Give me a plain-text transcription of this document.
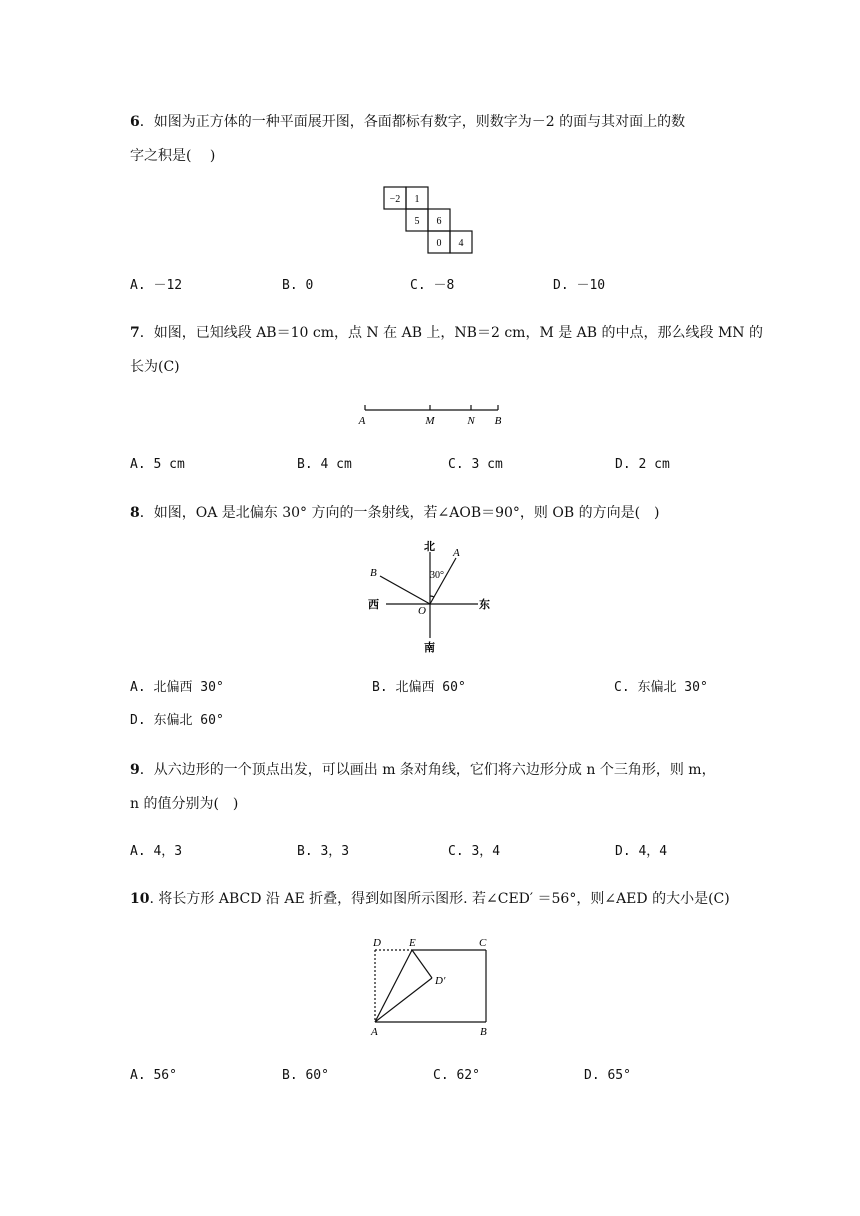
6．如图为正方体的一种平面展开图，各面都标有数字，则数字为－2 的面与其对面上的数
字之积是(　 )
−2 1
5 6
0 4
A. －12	B. 0	C. －8	D. －10
7．如图，已知线段 AB＝10 cm，点 N 在 AB 上，NB＝2 cm，M 是 AB 的中点，那么线段 MN 的
长为(C)
A	M	N B
A. 5 cm	B. 4 cm	C. 3 cm	D. 2 cm
8．如图，OA 是北偏东 30° 方向的一条射线，若∠AOB＝90°，则 OB 的方向是(　)
北
南
西	东
A
B
O
30°
A. 北偏西 30°	B. 北偏西 60°	C. 东偏北 30°
D. 东偏北 60°
9．从六边形的一个顶点出发，可以画出 m 条对角线，它们将六边形分成 n 个三角形，则 m，
n 的值分别为(　)
A. 4，3	B. 3，3	C. 3，4	D. 4，4
10. 将长方形 ABCD 沿 AE 折叠，得到如图所示图形. 若∠CED′ ＝56°，则∠AED 的大小是(C)
D	E	C
D′
A	B
A. 56°	B. 60°	C. 62°	D. 65°
